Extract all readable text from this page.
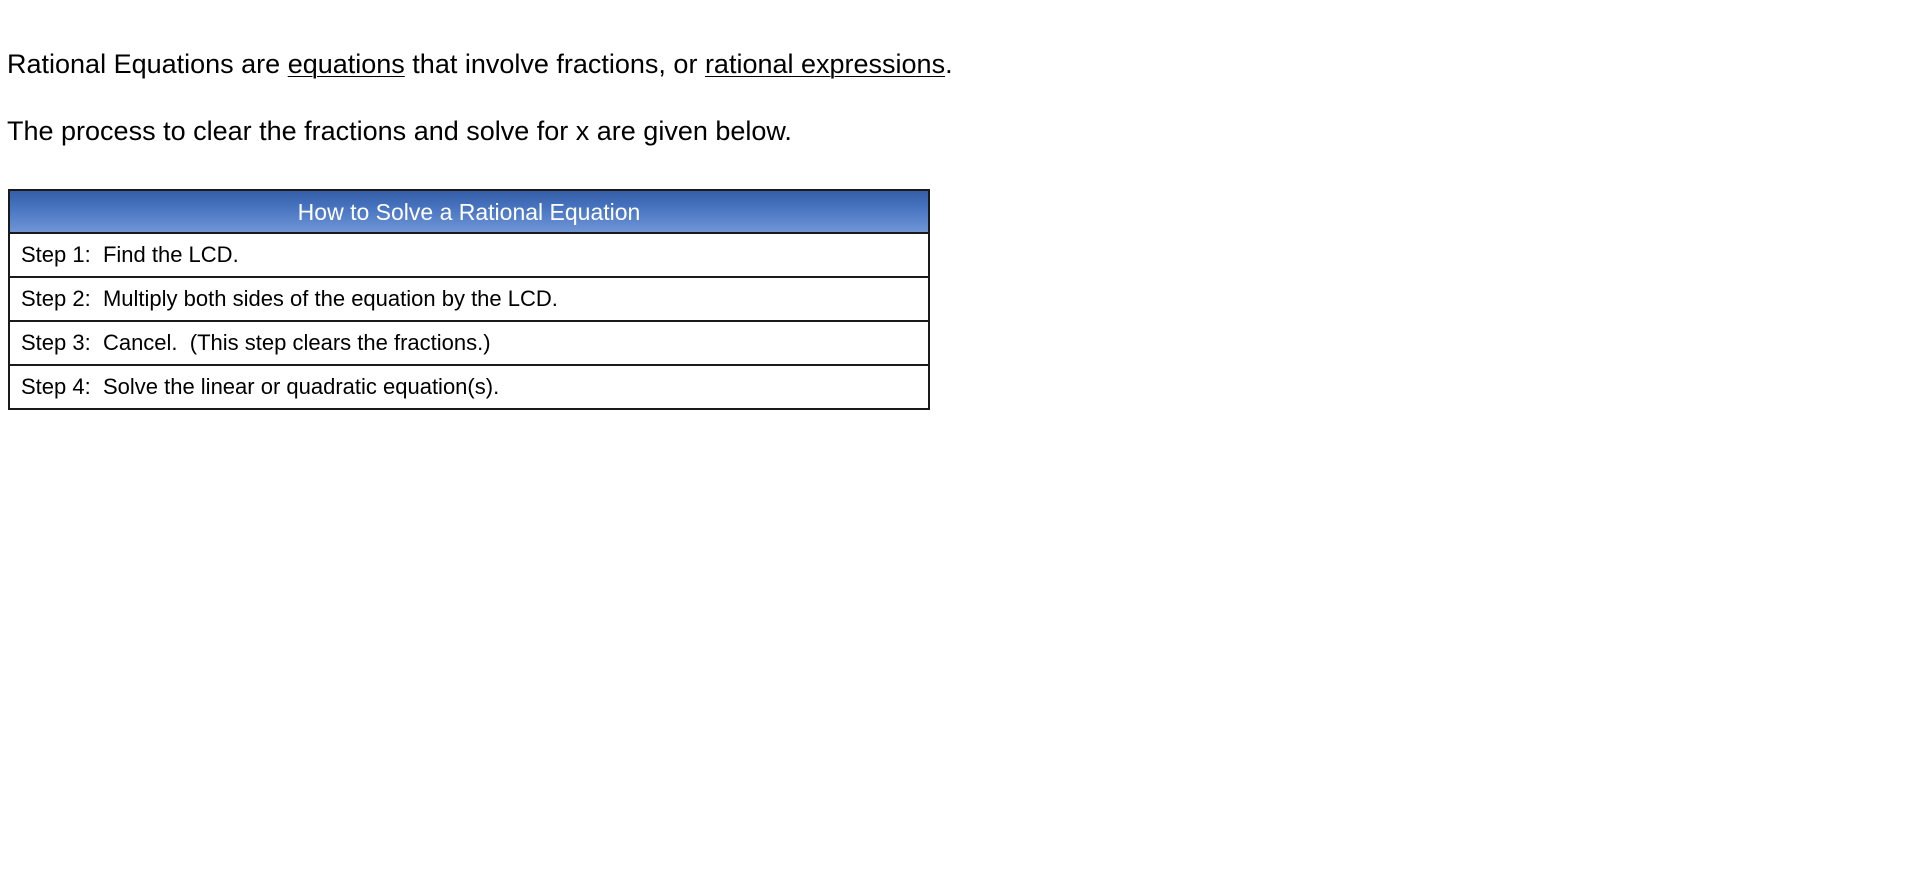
Rational Equations are equations that involve fractions, or rational expressions.

The process to clear the fractions and solve for x are given below.

How to Solve a Rational Equation
Step 1: Find the LCD.
Step 2: Multiply both sides of the equation by the LCD.
Step 3: Cancel.  (This step clears the fractions.)
Step 4: Solve the linear or quadratic equation(s).
